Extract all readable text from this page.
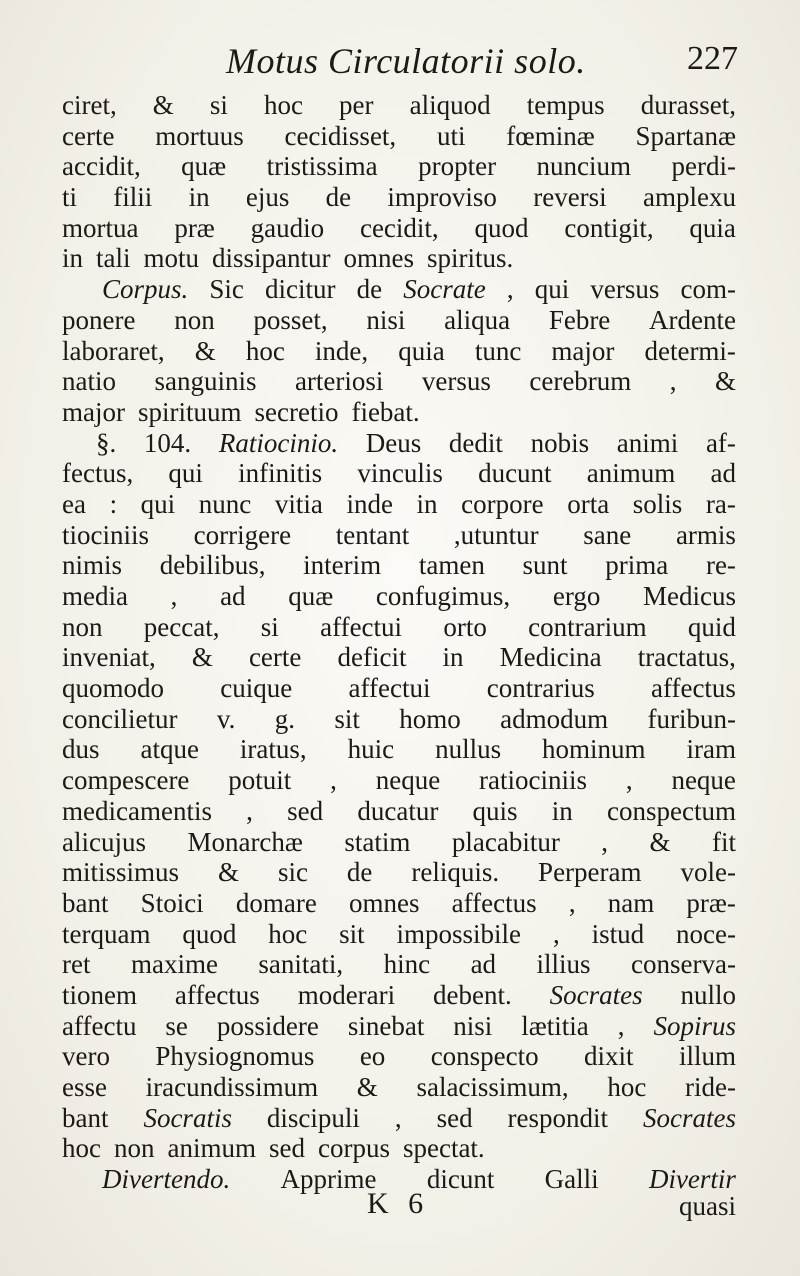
Motus Circulatorii solo.	227
ciret, & si hoc per aliquod tempus durasset,
certe mortuus cecidisset, uti fœminæ Spartanæ
accidit, quæ tristissima propter nuncium perdi-
ti filii in ejus de improviso reversi amplexu
mortua præ gaudio cecidit, quod contigit, quia
in tali motu dissipantur omnes spiritus.
Corpus. Sic dicitur de Socrate , qui versus com-
ponere non posset, nisi aliqua Febre Ardente
laboraret, & hoc inde, quia tunc major determi-
natio sanguinis arteriosi versus cerebrum , &
major spirituum secretio fiebat.
§. 104. Ratiocinio. Deus dedit nobis animi af-
fectus, qui infinitis vinculis ducunt animum ad
ea : qui nunc vitia inde in corpore orta solis ra-
tiociniis corrigere tentant ,utuntur sane armis
nimis debilibus, interim tamen sunt prima re-
media , ad quæ confugimus, ergo Medicus
non peccat, si affectui orto contrarium quid
inveniat, & certe deficit in Medicina tractatus,
quomodo cuique affectui contrarius affectus
concilietur v. g. sit homo admodum furibun-
dus atque iratus, huic nullus hominum iram
compescere potuit , neque ratiociniis , neque
medicamentis , sed ducatur quis in conspectum
alicujus Monarchæ statim placabitur , & fit
mitissimus & sic de reliquis. Perperam vole-
bant Stoici domare omnes affectus , nam præ-
terquam quod hoc sit impossibile , istud noce-
ret maxime sanitati, hinc ad illius conserva-
tionem affectus moderari debent. Socrates nullo
affectu se possidere sinebat nisi lætitia , Sopirus
vero Physiognomus eo conspecto dixit illum
esse iracundissimum & salacissimum, hoc ride-
bant Socratis discipuli , sed respondit Socrates
hoc non animum sed corpus spectat.
Divertendo. Apprime dicunt Galli Divertir
K 6	quasi
